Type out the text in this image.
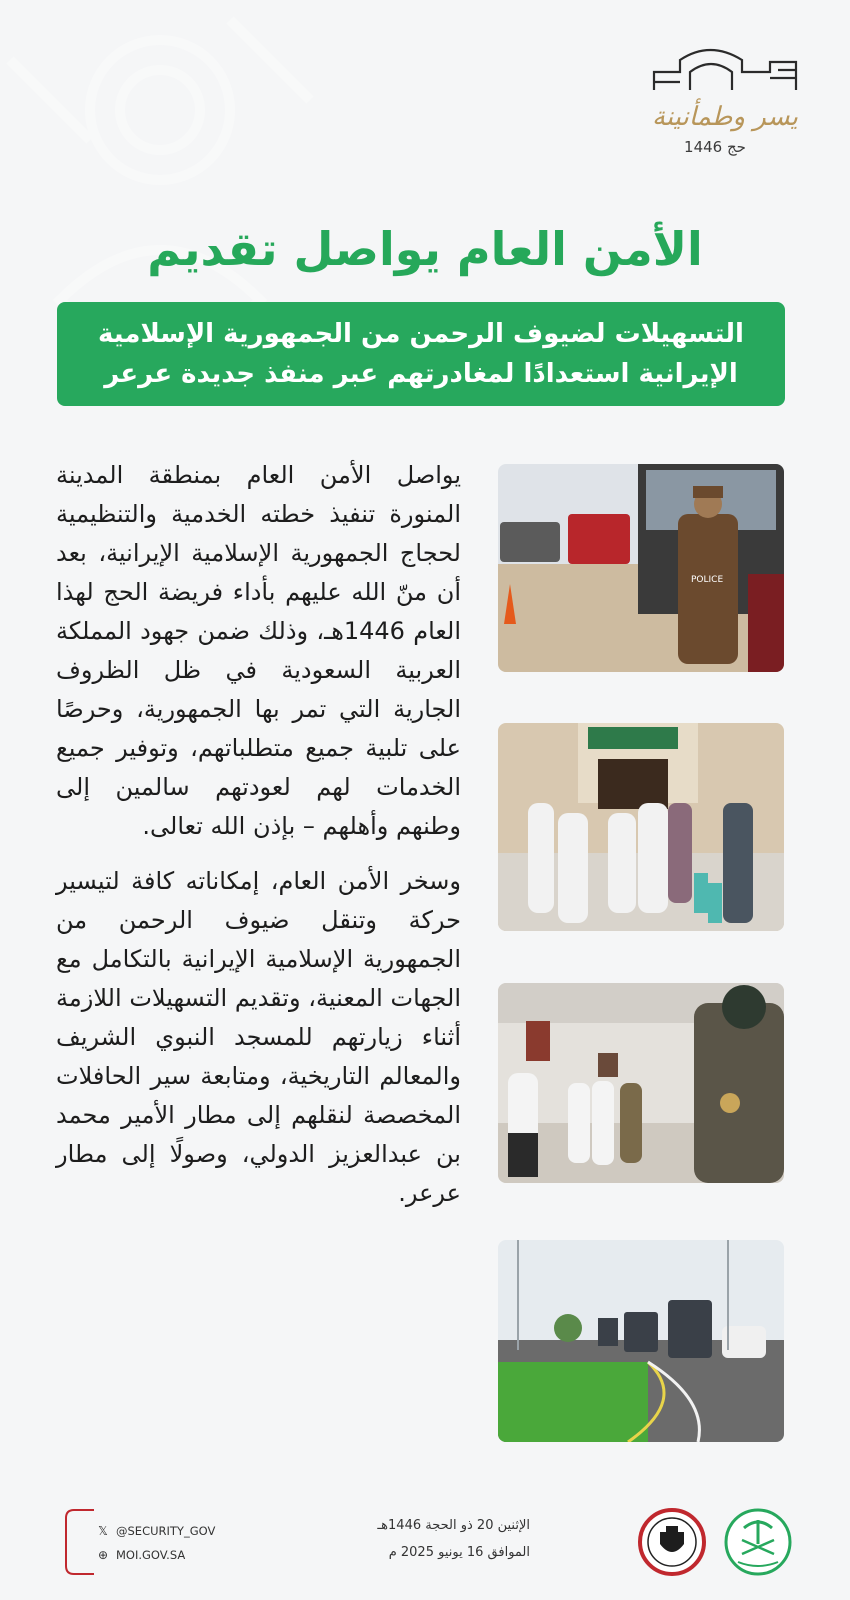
يسر وطمأنينة
حج 1446
الأمن العام يواصل تقديم
التسهيلات لضيوف الرحمن من الجمهورية الإسلامية
الإيرانية استعدادًا لمغادرتهم عبر منفذ جديدة عرعر

يواصل الأمن العام بمنطقة المدينة المنورة تنفيذ خطته الخدمية والتنظيمية لحجاج الجمهورية الإسلامية الإيرانية، بعد أن منّ الله عليهم بأداء فريضة الحج لهذا العام 1446هـ، وذلك ضمن جهود المملكة العربية السعودية في ظل الظروف الجارية التي تمر بها الجمهورية، وحرصًا على تلبية جميع متطلباتهم، وتوفير جميع الخدمات لهم لعودتهم سالمين إلى وطنهم وأهلهم – بإذن الله تعالى.

وسخر الأمن العام، إمكاناته كافة لتيسير حركة وتنقل ضيوف الرحمن من الجمهورية الإسلامية الإيرانية بالتكامل مع الجهات المعنية، وتقديم التسهيلات اللازمة أثناء زيارتهم للمسجد النبوي الشريف والمعالم التاريخية، ومتابعة سير الحافلات المخصصة لنقلهم إلى مطار الأمير محمد بن عبدالعزيز الدولي، وصولًا إلى مطار عرعر.

POLICE
𝕏 @SECURITY_GOV
⊕ MOI.GOV.SA
الإثنين 20 ذو الحجة 1446هـ
الموافق 16 يونيو 2025 م
